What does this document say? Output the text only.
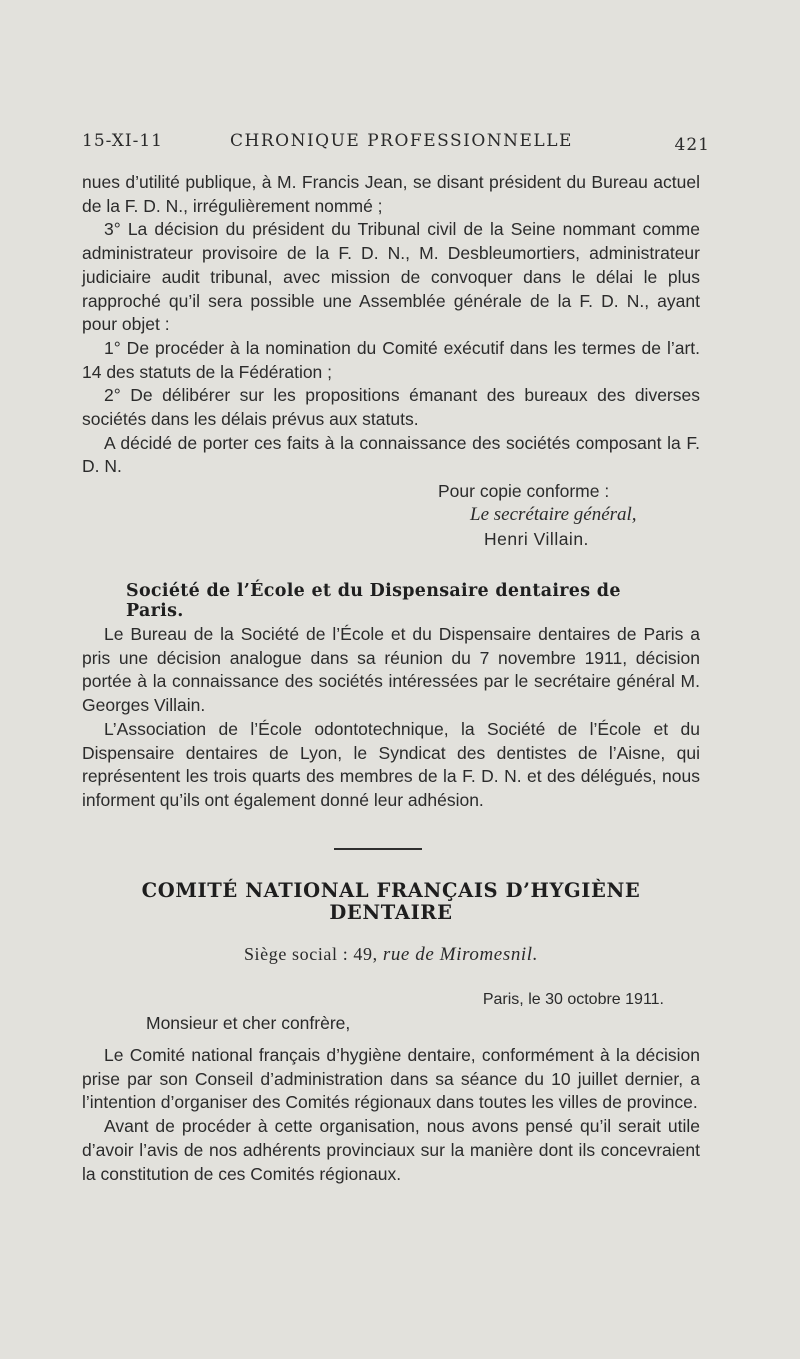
15-XI-11	CHRONIQUE PROFESSIONNELLE	421

nues d’utilité publique, à M. Francis Jean, se disant président du Bureau actuel de la F. D. N., irrégulièrement nommé ;

3° La décision du président du Tribunal civil de la Seine nommant comme administrateur provisoire de la F. D. N., M. Desbleumortiers, administrateur judiciaire audit tribunal, avec mission de convoquer dans le délai le plus rapproché qu’il sera possible une Assemblée générale de la F. D. N., ayant pour objet :

1° De procéder à la nomination du Comité exécutif dans les termes de l’art. 14 des statuts de la Fédération ;

2° De délibérer sur les propositions émanant des bureaux des diverses sociétés dans les délais prévus aux statuts.

A décidé de porter ces faits à la connaissance des sociétés composant la F. D. N.

Pour copie conforme :
Le secrétaire général,
Henri Villain.
Société de l’École et du Dispensaire dentaires de Paris.

Le Bureau de la Société de l’École et du Dispensaire dentaires de Paris a pris une décision analogue dans sa réunion du 7 novembre 1911, décision portée à la connaissance des sociétés intéressées par le secrétaire général M. Georges Villain.

L’Association de l’École odontotechnique, la Société de l’École et du Dispensaire dentaires de Lyon, le Syndicat des dentistes de l’Aisne, qui représentent les trois quarts des membres de la F. D. N. et des délégués, nous informent qu’ils ont également donné leur adhésion.

COMITÉ NATIONAL FRANÇAIS D’HYGIÈNE
DENTAIRE
Siège social : 49, rue de Miromesnil.
Paris, le 30 octobre 1911.
Monsieur et cher confrère,

Le Comité national français d’hygiène dentaire, conformément à la décision prise par son Conseil d’administration dans sa séance du 10 juillet dernier, a l’intention d’organiser des Comités régionaux dans toutes les villes de province.

Avant de procéder à cette organisation, nous avons pensé qu’il serait utile d’avoir l’avis de nos adhérents provinciaux sur la manière dont ils concevraient la constitution de ces Comités régionaux.
